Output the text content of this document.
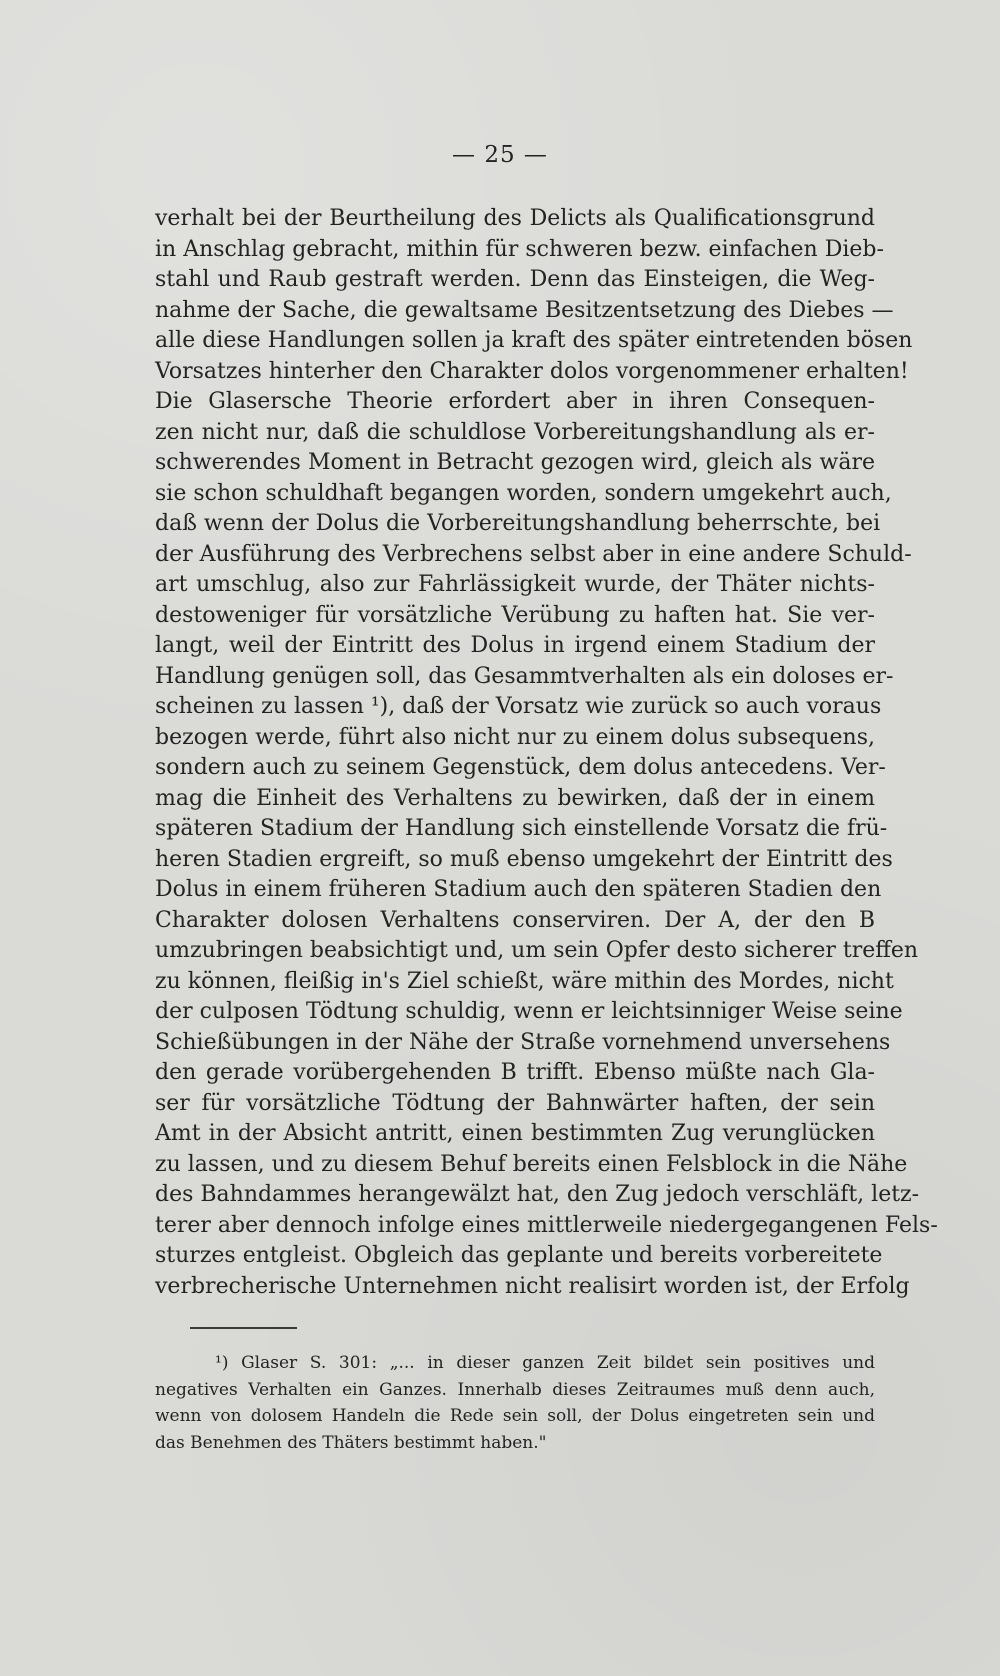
— 25 —
verhalt bei der Beurtheilung des Delicts als Qualificationsgrund
in Anschlag gebracht, mithin für schweren bezw. einfachen Dieb-
stahl und Raub gestraft werden. Denn das Einsteigen, die Weg-
nahme der Sache, die gewaltsame Besitzentsetzung des Diebes —
alle diese Handlungen sollen ja kraft des später eintretenden bösen
Vorsatzes hinterher den Charakter dolos vorgenommener erhalten!
Die Glasersche Theorie erfordert aber in ihren Consequen-
zen nicht nur, daß die schuldlose Vorbereitungshandlung als er-
schwerendes Moment in Betracht gezogen wird, gleich als wäre
sie schon schuldhaft begangen worden, sondern umgekehrt auch,
daß wenn der Dolus die Vorbereitungshandlung beherrschte, bei
der Ausführung des Verbrechens selbst aber in eine andere Schuld-
art umschlug, also zur Fahrlässigkeit wurde, der Thäter nichts-
destoweniger für vorsätzliche Verübung zu haften hat. Sie ver-
langt, weil der Eintritt des Dolus in irgend einem Stadium der
Handlung genügen soll, das Gesammtverhalten als ein doloses er-
scheinen zu lassen ¹), daß der Vorsatz wie zurück so auch voraus
bezogen werde, führt also nicht nur zu einem dolus subsequens,
sondern auch zu seinem Gegenstück, dem dolus antecedens. Ver-
mag die Einheit des Verhaltens zu bewirken, daß der in einem
späteren Stadium der Handlung sich einstellende Vorsatz die frü-
heren Stadien ergreift, so muß ebenso umgekehrt der Eintritt des
Dolus in einem früheren Stadium auch den späteren Stadien den
Charakter dolosen Verhaltens conserviren. Der A, der den B
umzubringen beabsichtigt und, um sein Opfer desto sicherer treffen
zu können, fleißig in's Ziel schießt, wäre mithin des Mordes, nicht
der culposen Tödtung schuldig, wenn er leichtsinniger Weise seine
Schießübungen in der Nähe der Straße vornehmend unversehens
den gerade vorübergehenden B trifft. Ebenso müßte nach Gla-
ser für vorsätzliche Tödtung der Bahnwärter haften, der sein
Amt in der Absicht antritt, einen bestimmten Zug verunglücken
zu lassen, und zu diesem Behuf bereits einen Felsblock in die Nähe
des Bahndammes herangewälzt hat, den Zug jedoch verschläft, letz-
terer aber dennoch infolge eines mittlerweile niedergegangenen Fels-
sturzes entgleist. Obgleich das geplante und bereits vorbereitete
verbrecherische Unternehmen nicht realisirt worden ist, der Erfolg
¹) Glaser S. 301: „... in dieser ganzen Zeit bildet sein positives und
negatives Verhalten ein Ganzes. Innerhalb dieses Zeitraumes muß denn auch,
wenn von dolosem Handeln die Rede sein soll, der Dolus eingetreten sein und
das Benehmen des Thäters bestimmt haben."
